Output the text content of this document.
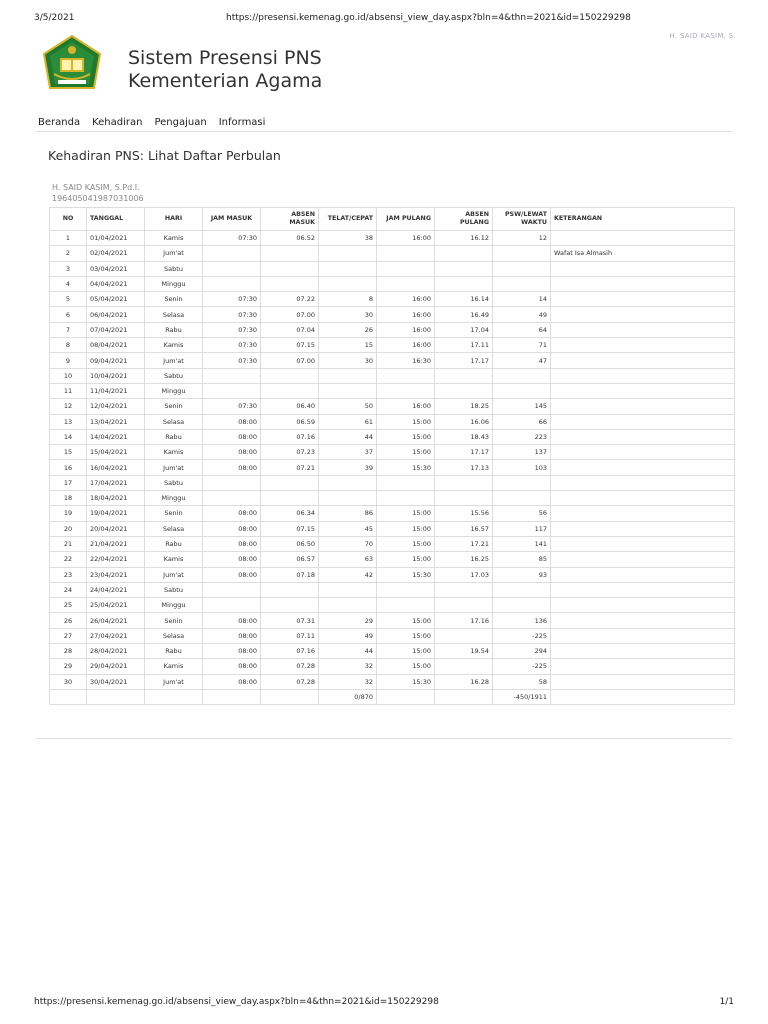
3/5/2021	https://presensi.kemenag.go.id/absensi_view_day.aspx?bln=4&thn=2021&id=150229298
H. SAID KASIM, S.
Sistem Presensi PNS
Kementerian Agama
Beranda Kehadiran Pengajuan Informasi
Kehadiran PNS: Lihat Daftar Perbulan
H. SAID KASIM, S.Pd.I.
196405041987031006
NO	TANGGAL	HARI	JAM MASUK	ABSEN MASUK	TELAT/CEPAT	JAM PULANG	ABSEN PULANG	PSW/LEWAT WAKTU	KETERANGAN
1	01/04/2021	Kamis	07:30	06.52	38	16:00	16.12	12	
2	02/04/2021	Jum'at							Wafat Isa Almasih
3	03/04/2021	Sabtu							
4	04/04/2021	Minggu							
5	05/04/2021	Senin	07:30	07.22	8	16:00	16.14	14	
6	06/04/2021	Selasa	07:30	07.00	30	16:00	16.49	49	
7	07/04/2021	Rabu	07:30	07.04	26	16:00	17.04	64	
8	08/04/2021	Kamis	07:30	07.15	15	16:00	17.11	71	
9	09/04/2021	Jum'at	07:30	07.00	30	16:30	17.17	47	
10	10/04/2021	Sabtu							
11	11/04/2021	Minggu							
12	12/04/2021	Senin	07:30	06.40	50	16:00	18.25	145	
13	13/04/2021	Selasa	08:00	06.59	61	15:00	16.06	66	
14	14/04/2021	Rabu	08:00	07.16	44	15:00	18.43	223	
15	15/04/2021	Kamis	08:00	07.23	37	15:00	17.17	137	
16	16/04/2021	Jum'at	08:00	07.21	39	15:30	17.13	103	
17	17/04/2021	Sabtu							
18	18/04/2021	Minggu							
19	19/04/2021	Senin	08:00	06.34	86	15:00	15.56	56	
20	20/04/2021	Selasa	08:00	07.15	45	15:00	16.57	117	
21	21/04/2021	Rabu	08:00	06.50	70	15:00	17.21	141	
22	22/04/2021	Kamis	08:00	06.57	63	15:00	16.25	85	
23	23/04/2021	Jum'at	08:00	07.18	42	15:30	17.03	93	
24	24/04/2021	Sabtu							
25	25/04/2021	Minggu							
26	26/04/2021	Senin	08:00	07.31	29	15:00	17.16	136	
27	27/04/2021	Selasa	08:00	07.11	49	15:00		-225	
28	28/04/2021	Rabu	08:00	07.16	44	15:00	19.54	294	
29	29/04/2021	Kamis	08:00	07.28	32	15:00		-225	
30	30/04/2021	Jum'at	08:00	07.28	32	15:30	16.28	58	
					0/870			-450/1911	
https://presensi.kemenag.go.id/absensi_view_day.aspx?bln=4&thn=2021&id=150229298	1/1
